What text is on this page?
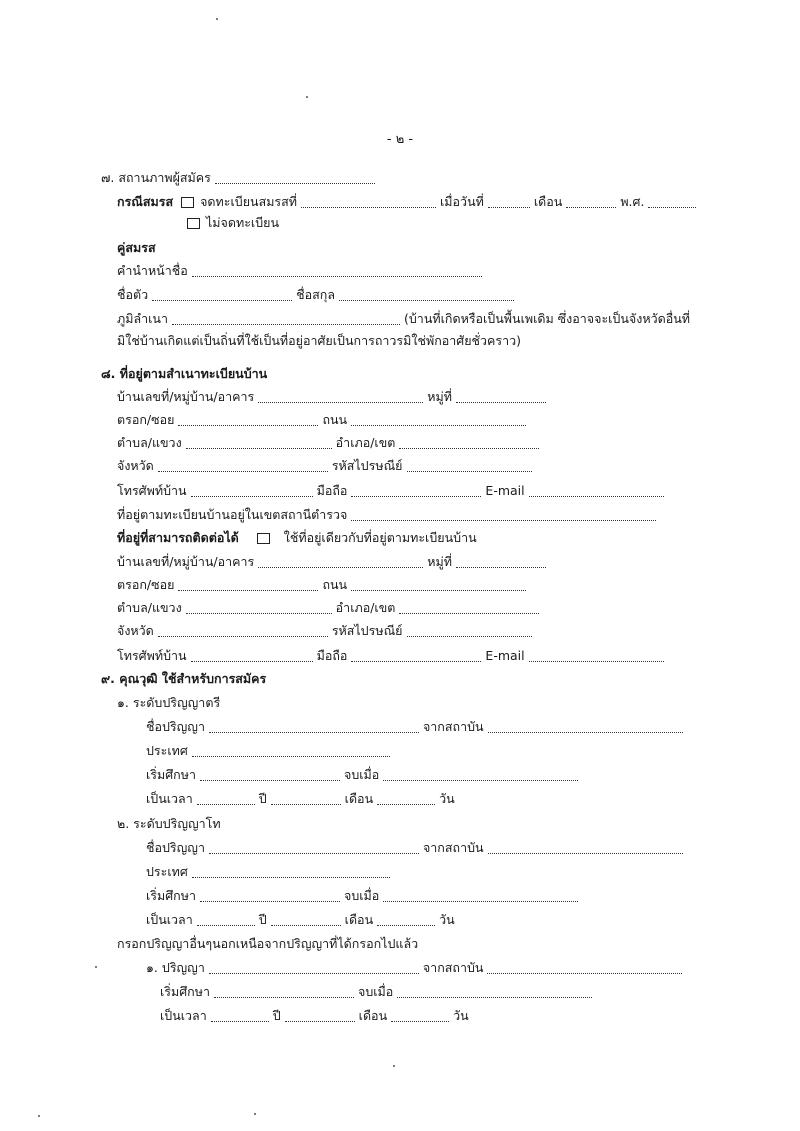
- ๒ -
๗. สถานภาพผู้สมัคร
กรณีสมรส จดทะเบียนสมรสที่	เมื่อวันที่	เดือน	พ.ศ.
ไม่จดทะเบียน
คู่สมรส
คำนำหน้าชื่อ
ชื่อตัว	ชื่อสกุล
ภูมิลำเนา	(บ้านที่เกิดหรือเป็นพื้นเพเดิม ซึ่งอาจจะเป็นจังหวัดอื่นที่
มิใช่บ้านเกิดแต่เป็นถิ่นที่ใช้เป็นที่อยู่อาศัยเป็นการถาวรมิใช่พักอาศัยชั่วคราว)
๘. ที่อยู่ตามสำเนาทะเบียนบ้าน
บ้านเลขที่/หมู่บ้าน/อาคาร	หมู่ที่
ตรอก/ซอย	ถนน
ตำบล/แขวง	อำเภอ/เขต
จังหวัด	รหัสไปรษณีย์
โทรศัพท์บ้าน	มือถือ	E-mail
ที่อยู่ตามทะเบียนบ้านอยู่ในเขตสถานีตำรวจ
ที่อยู่ที่สามารถติดต่อได้	ใช้ที่อยู่เดียวกับที่อยู่ตามทะเบียนบ้าน
บ้านเลขที่/หมู่บ้าน/อาคาร	หมู่ที่
ตรอก/ซอย	ถนน
ตำบล/แขวง	อำเภอ/เขต
จังหวัด	รหัสไปรษณีย์
โทรศัพท์บ้าน	มือถือ	E-mail
๙. คุณวุฒิ ใช้สำหรับการสมัคร
๑. ระดับปริญญาตรี
ชื่อปริญญา	จากสถาบัน
ประเทศ
เริ่มศึกษา	จบเมื่อ
เป็นเวลา	ปี	เดือน	วัน
๒. ระดับปริญญาโท
ชื่อปริญญา	จากสถาบัน
ประเทศ
เริ่มศึกษา	จบเมื่อ
เป็นเวลา	ปี	เดือน	วัน
กรอกปริญญาอื่นๆนอกเหนือจากปริญญาที่ได้กรอกไปแล้ว
๑. ปริญญา	จากสถาบัน
เริ่มศึกษา	จบเมื่อ
เป็นเวลา	ปี	เดือน	วัน
